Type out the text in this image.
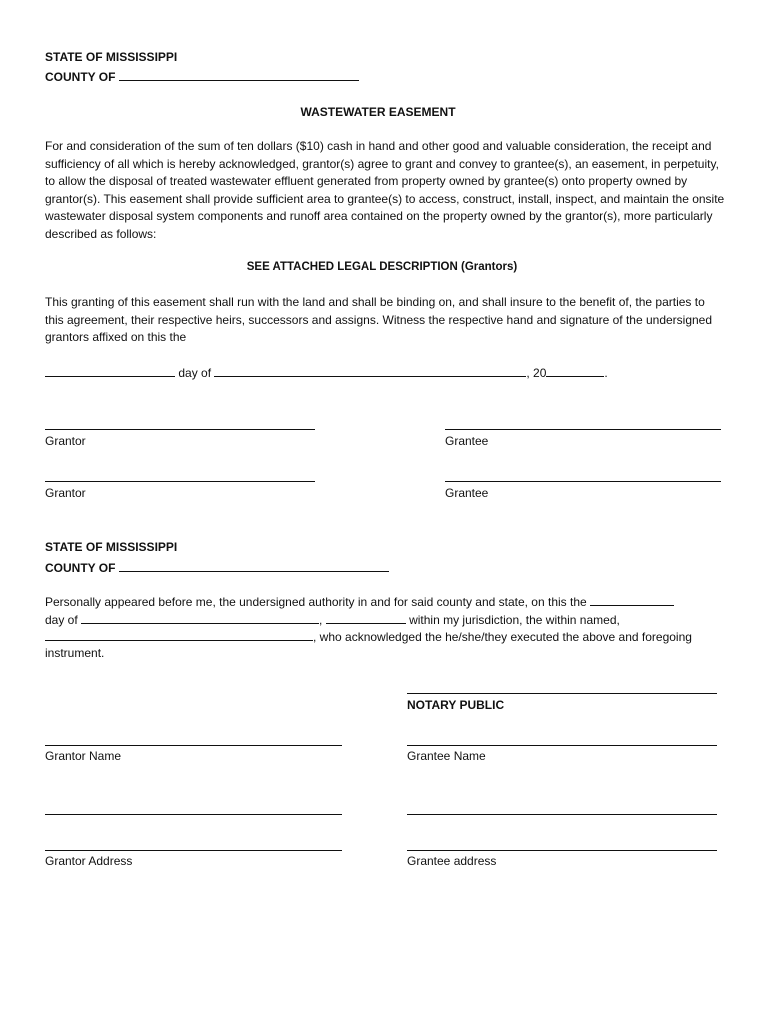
STATE OF MISSISSIPPI
COUNTY OF
WASTEWATER EASEMENT
For and consideration of the sum of ten dollars ($10) cash in hand and other good and valuable consideration, the receipt and sufficiency of all which is hereby acknowledged, grantor(s) agree to grant and convey to grantee(s), an easement, in perpetuity, to allow the disposal of treated wastewater effluent generated from property owned by grantee(s) onto property owned by grantor(s). This easement shall provide sufficient area to grantee(s) to access, construct, install, inspect, and maintain the onsite wastewater disposal system components and runoff area contained on the property owned by the grantor(s), more particularly described as follows:
SEE ATTACHED LEGAL DESCRIPTION (Grantors)
This granting of this easement shall run with the land and shall be binding on, and shall insure to the benefit of, the parties to this agreement, their respective heirs, successors and assigns. Witness the respective hand and signature of the undersigned grantors affixed on this the
day of	, 20	.
Grantor	Grantee
Grantor	Grantee
STATE OF MISSISSIPPI
COUNTY OF
Personally appeared before me, the undersigned authority in and for said county and state, on this the
day of	,	within my jurisdiction, the within named,
, who acknowledged the he/she/they executed the above and foregoing
instrument.
NOTARY PUBLIC
Grantor Name	Grantee Name
Grantor Address	Grantee address
